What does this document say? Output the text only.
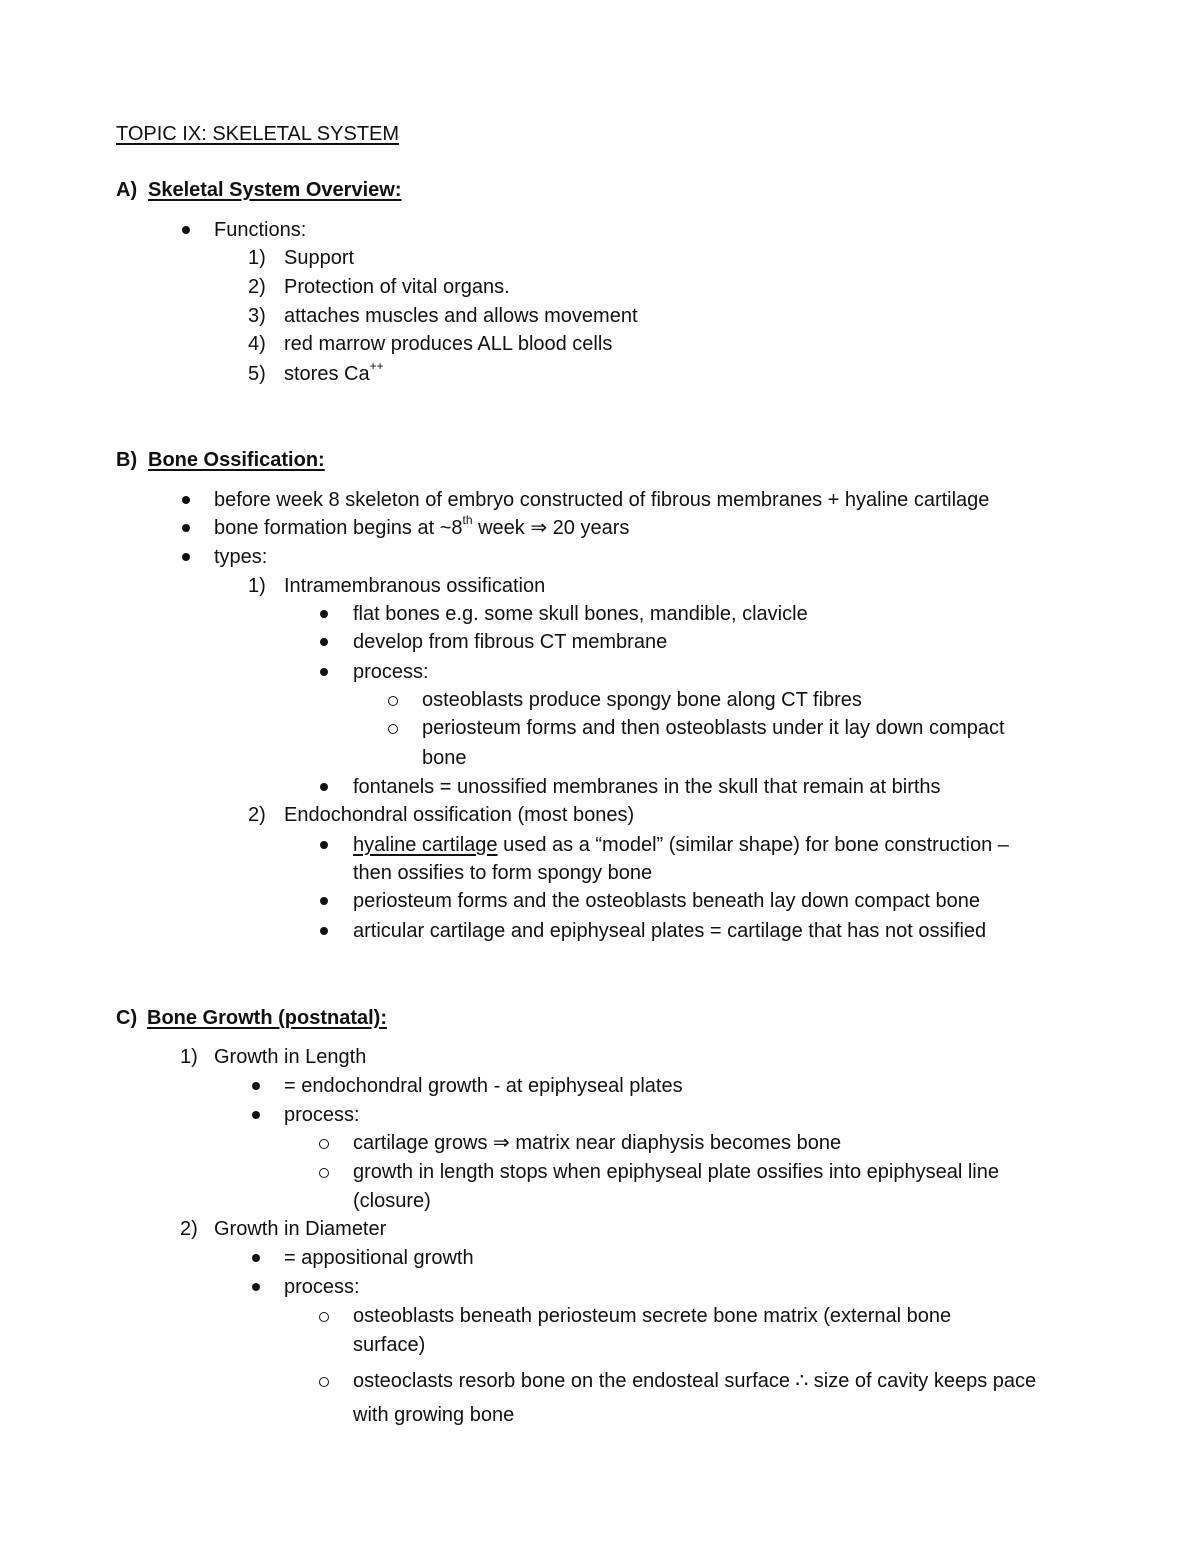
TOPIC IX: SKELETAL SYSTEM
A) Skeletal System Overview:
Functions:
1) Support
2) Protection of vital organs.
3) attaches muscles and allows movement
4) red marrow produces ALL blood cells
5) stores Ca++
B) Bone Ossification:
before week 8 skeleton of embryo constructed of fibrous membranes + hyaline cartilage
bone formation begins at ~8th week ⇒ 20 years
types:
1) Intramembranous ossification
flat bones e.g. some skull bones, mandible, clavicle
develop from fibrous CT membrane
process:
osteoblasts produce spongy bone along CT fibres
periosteum forms and then osteoblasts under it lay down compact
bone
fontanels = unossified membranes in the skull that remain at births
2) Endochondral ossification (most bones)
hyaline cartilage used as a “model” (similar shape) for bone construction –
then ossifies to form spongy bone
periosteum forms and the osteoblasts beneath lay down compact bone
articular cartilage and epiphyseal plates = cartilage that has not ossified
C) Bone Growth (postnatal):
1) Growth in Length
= endochondral growth - at epiphyseal plates
process:
cartilage grows ⇒ matrix near diaphysis becomes bone
growth in length stops when epiphyseal plate ossifies into epiphyseal line
(closure)
2) Growth in Diameter
= appositional growth
process:
osteoblasts beneath periosteum secrete bone matrix (external bone
surface)
osteoclasts resorb bone on the endosteal surface ∴ size of cavity keeps pace
with growing bone
